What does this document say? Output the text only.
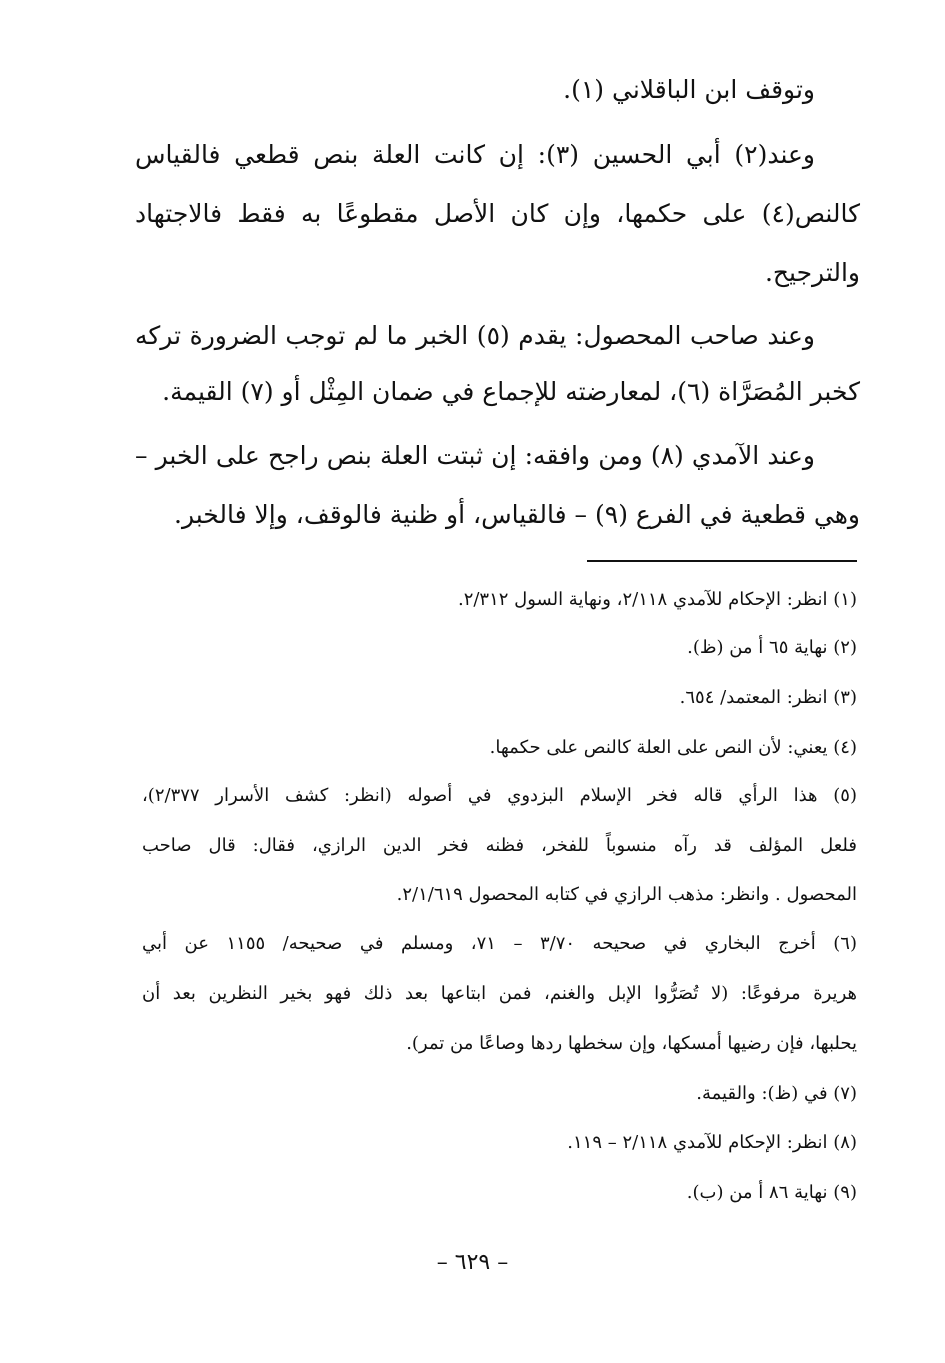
وتوقف ابن الباقلاني (١).
وعند(٢) أبي الحسين (٣): إن كانت العلة بنص قطعي فالقياس
كالنص(٤) على حكمها، وإن كان الأصل مقطوعًا به فقط فالاجتهاد
والترجيح.
وعند صاحب المحصول: يقدم (٥) الخبر ما لم توجب الضرورة تركه
كخبر المُصَرَّاة (٦)، لمعارضته للإجماع في ضمان المِثْل أو (٧) القيمة.
وعند الآمدي (٨) ومن وافقه: إن ثبتت العلة بنص راجح على الخبر –
وهي قطعية في الفرع (٩) – فالقياس، أو ظنية فالوقف، وإلا فالخبر.
(١) انظر: الإحكام للآمدي ٢/١١٨، ونهاية السول ٢/٣١٢.
(٢) نهاية ٦٥ أ من (ظ).
(٣) انظر: المعتمد/ ٦٥٤.
(٤) يعني: لأن النص على العلة كالنص على حكمها.
(٥) هذا الرأي قاله فخر الإسلام البزدوي في أصوله (انظر: كشف الأسرار ٢/٣٧٧)،
فلعل المؤلف قد رآه منسوباً للفخر، فظنه فخر الدين الرازي، فقال: قال صاحب
المحصول . وانظر: مذهب الرازي في كتابه المحصول ٢/١/٦١٩.
(٦) أخرج البخاري في صحيحه ٣/٧٠ – ٧١، ومسلم في صحيحه/ ١١٥٥ عن أبي
هريرة مرفوعًا: (لا تُصَرُّوا الإبل والغنم، فمن ابتاعها بعد ذلك فهو بخير النظرين بعد أن
يحلبها، فإن رضيها أمسكها، وإن سخطها ردها وصاعًا من تمر).
(٧) في (ظ): والقيمة.
(٨) انظر: الإحكام للآمدي ٢/١١٨ – ١١٩.
(٩) نهاية ٨٦ أ من (ب).
– ٦٢٩ –
